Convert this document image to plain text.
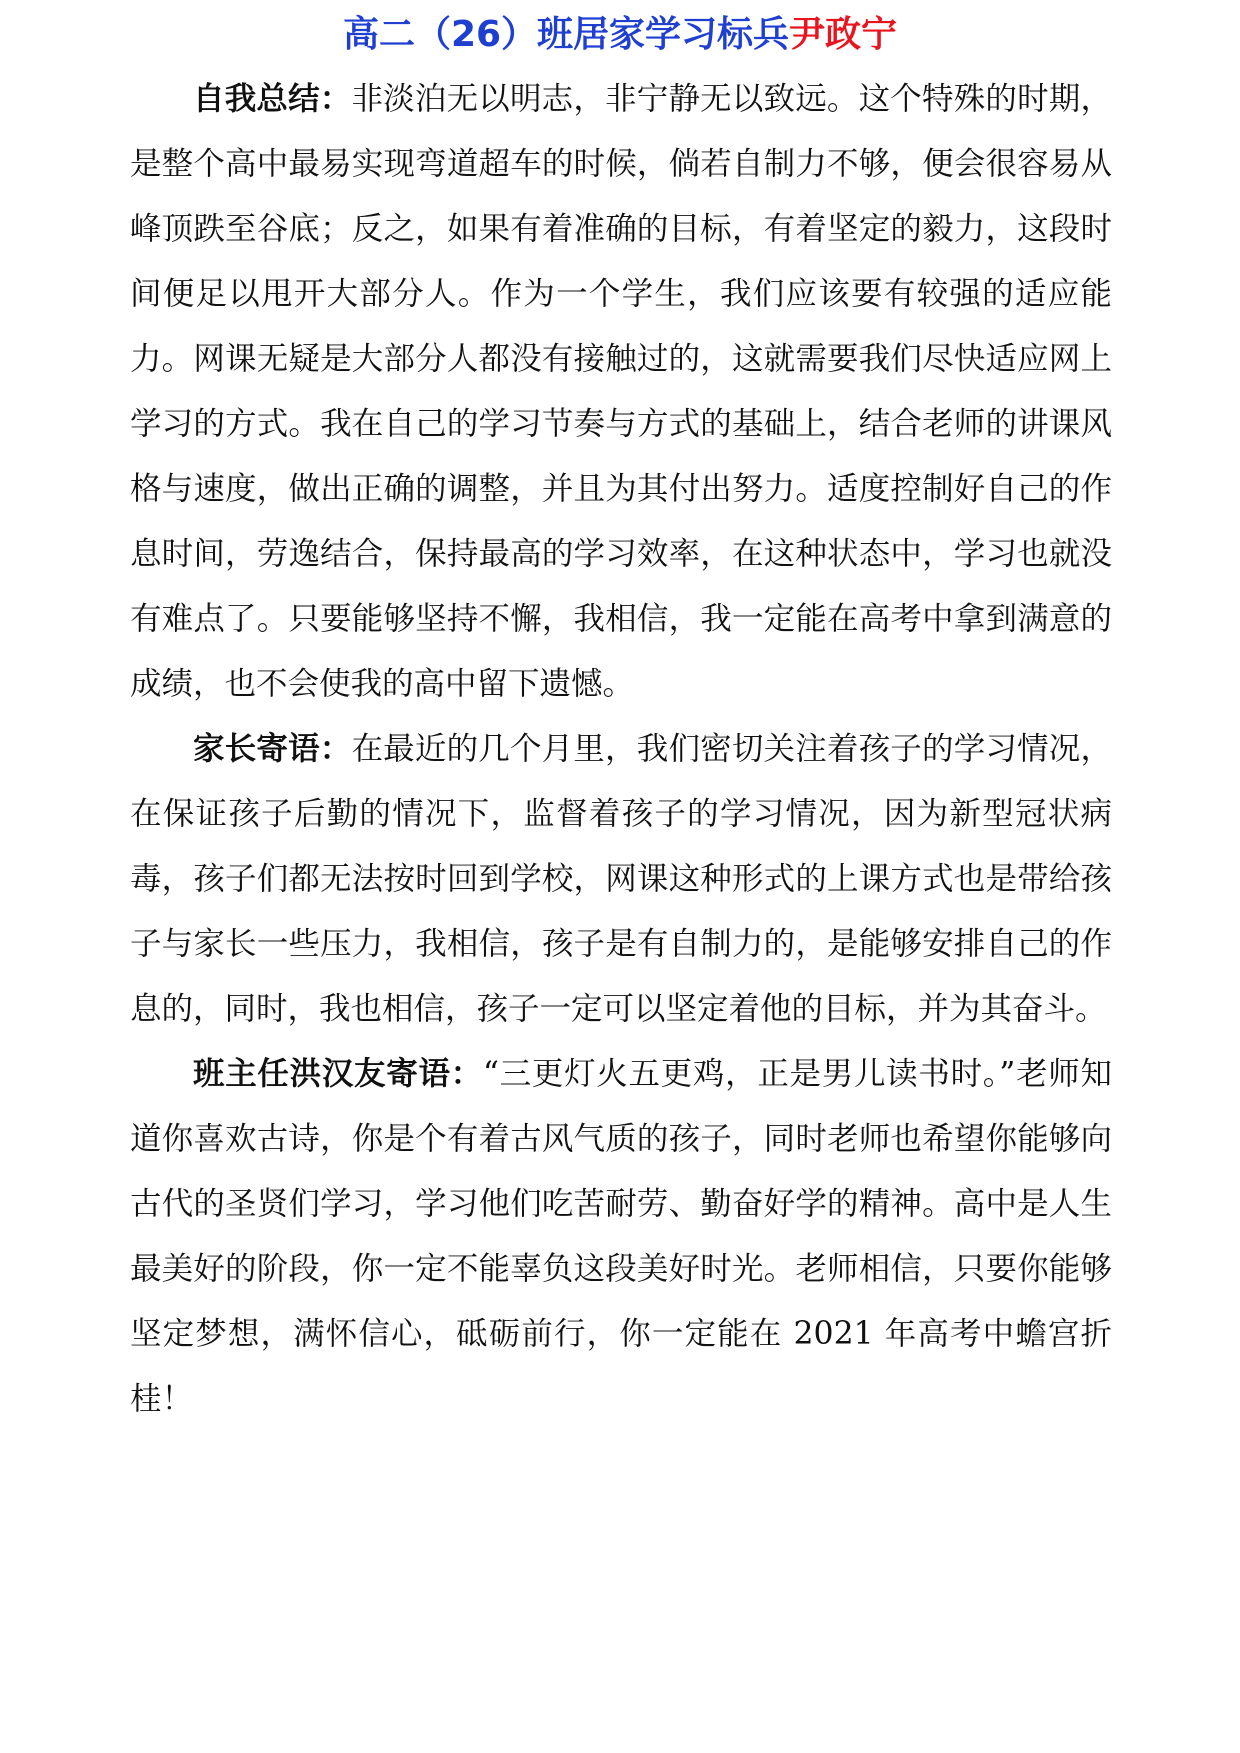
高二（26）班居家学习标兵尹政宁

自我总结：非淡泊无以明志，非宁静无以致远。这个特殊的时期，是整个高中最易实现弯道超车的时候，倘若自制力不够，便会很容易从峰顶跌至谷底；反之，如果有着准确的目标，有着坚定的毅力，这段时间便足以甩开大部分人。作为一个学生，我们应该要有较强的适应能力。网课无疑是大部分人都没有接触过的，这就需要我们尽快适应网上学习的方式。我在自己的学习节奏与方式的基础上，结合老师的讲课风格与速度，做出正确的调整，并且为其付出努力。适度控制好自己的作息时间，劳逸结合，保持最高的学习效率，在这种状态中，学习也就没有难点了。只要能够坚持不懈，我相信，我一定能在高考中拿到满意的成绩，也不会使我的高中留下遗憾。

家长寄语：在最近的几个月里，我们密切关注着孩子的学习情况，在保证孩子后勤的情况下，监督着孩子的学习情况，因为新型冠状病毒，孩子们都无法按时回到学校，网课这种形式的上课方式也是带给孩子与家长一些压力，我相信，孩子是有自制力的，是能够安排自己的作息的，同时，我也相信，孩子一定可以坚定着他的目标，并为其奋斗。

班主任洪汉友寄语：“三更灯火五更鸡，正是男儿读书时。”老师知道你喜欢古诗，你是个有着古风气质的孩子，同时老师也希望你能够向古代的圣贤们学习，学习他们吃苦耐劳、勤奋好学的精神。高中是人生最美好的阶段，你一定不能辜负这段美好时光。老师相信，只要你能够坚定梦想，满怀信心，砥砺前行，你一定能在 2021 年高考中蟾宫折桂！
